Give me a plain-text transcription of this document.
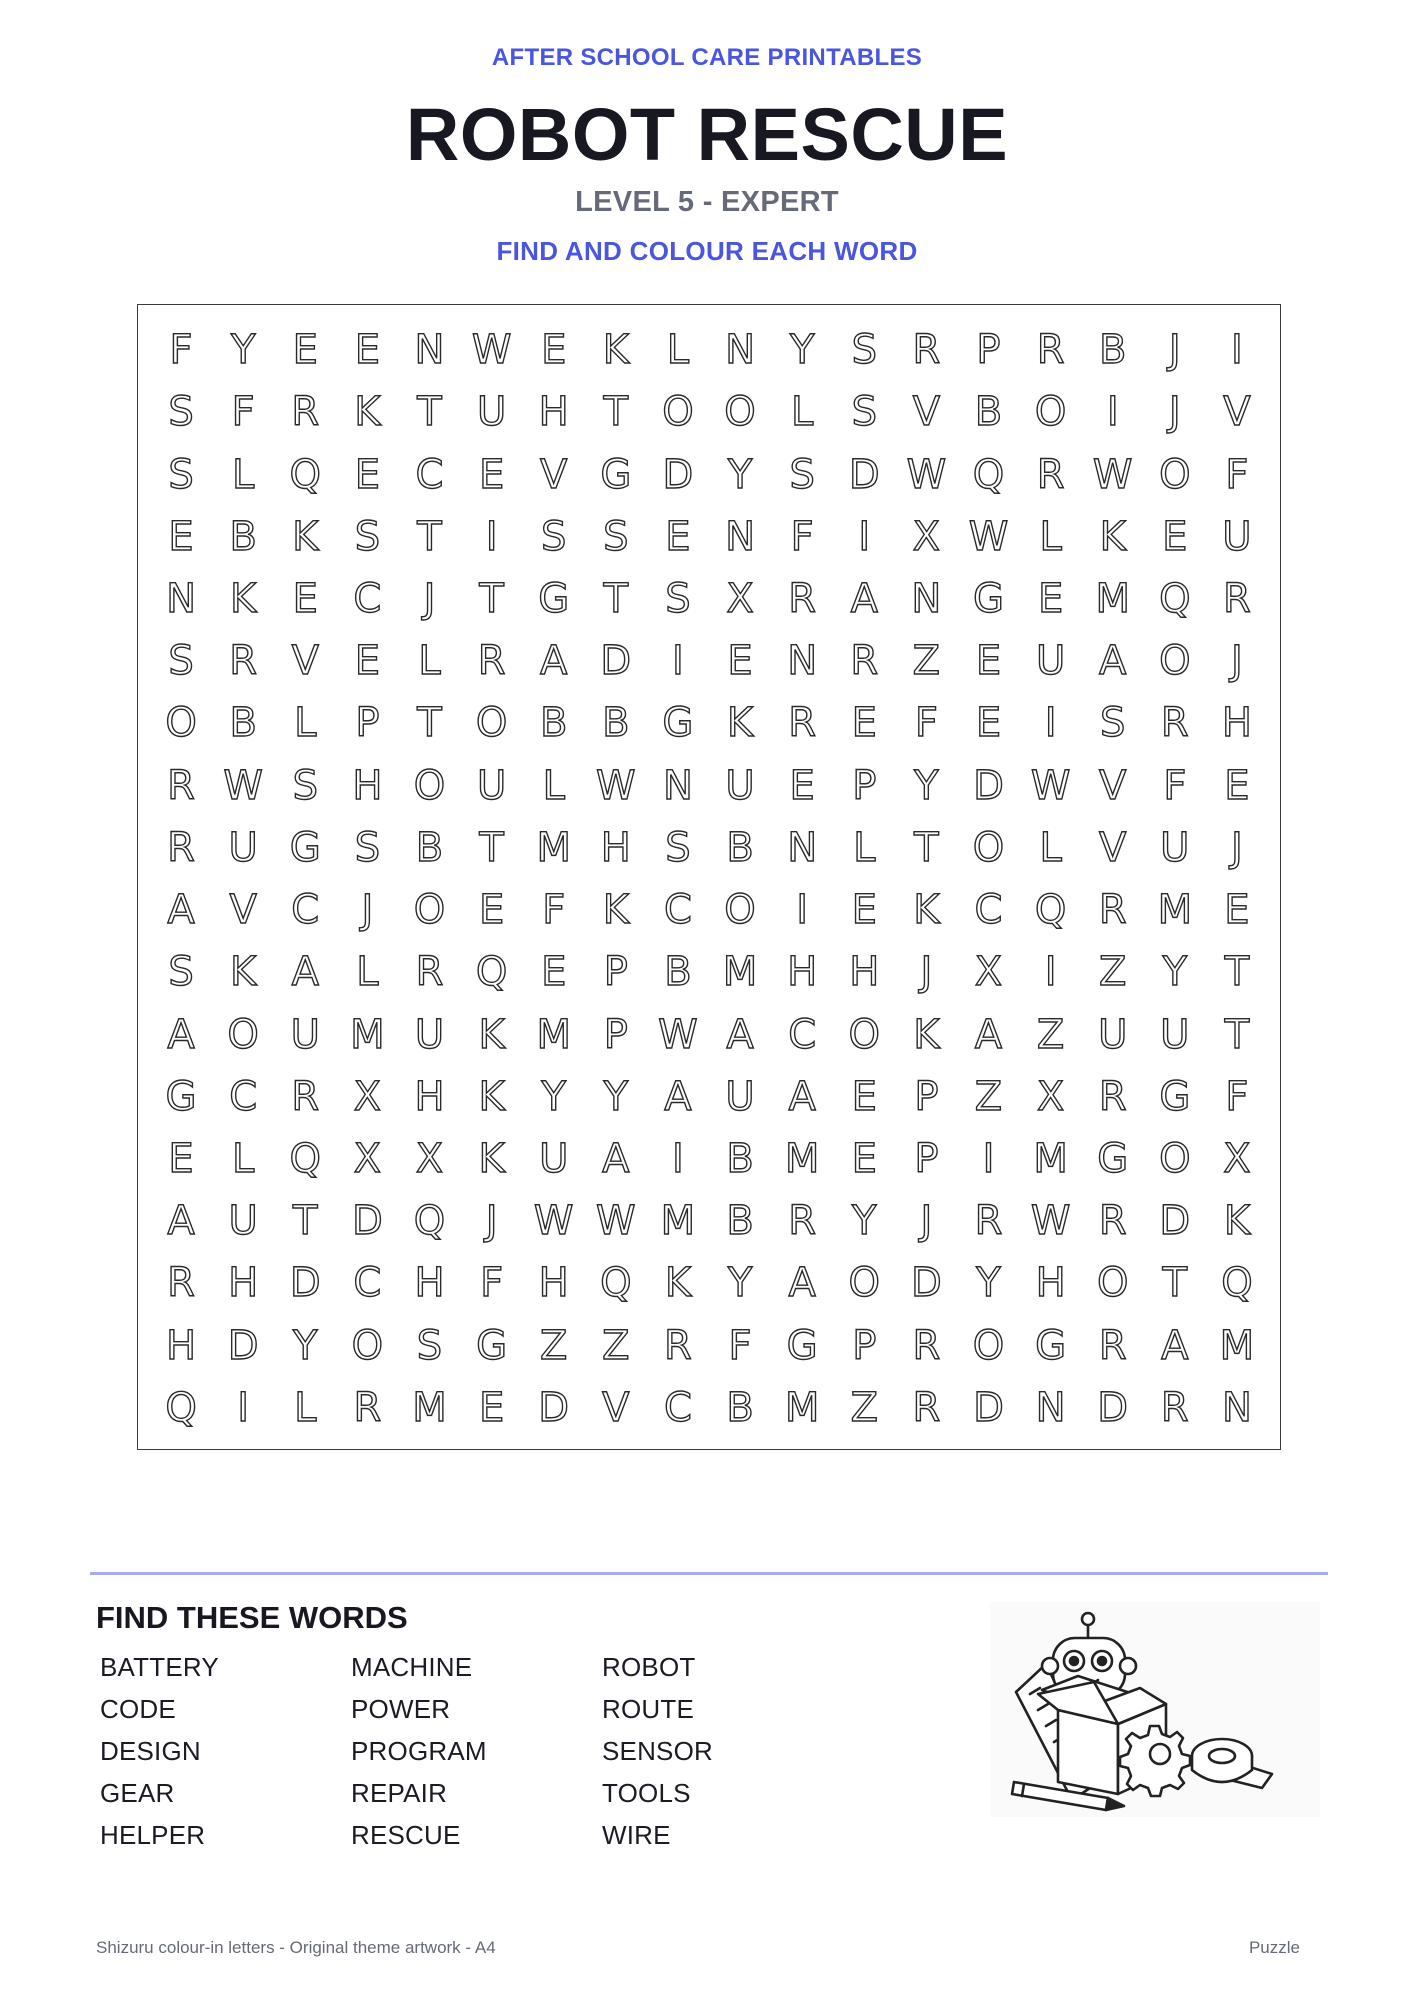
AFTER SCHOOL CARE PRINTABLES
ROBOT RESCUE
LEVEL 5 - EXPERT
FIND AND COLOUR EACH WORD
F Y E E N W E K L N Y S R P R B	J	I
S F R K T U H T O O L S V B O	I	J	V
S L Q E C E V G D Y S D W Q R W O F
E B K S T	I	S S E N F	I	X W L K E U
N K E C	J	T G T S X R A N G E M Q R
S R V E L R A D	I	E N R Z E U A O	J
O B L P T O B B G K R E F E	I	S R H
R W S H O U L W N U E P Y D W V F E
R U G S B T M H S B N L T O L V U	J
A V C	J	O E F K C O	I	E K C Q R M E
S K A L R Q E P B M H H	J	X	I	Z Y T
A O U M U K M P W A C O K A Z U U T
G C R X H K Y Y A U A E P Z X R G F
E L Q X X K U A	I	B M E P	I M G O X
A U T D Q	J W W M B R Y	J	R W R D K
R H D C H F H Q K Y A O D Y H O T Q
H D Y O S G Z Z R F G P R O G R A M
Q	I	L R M E D V C B M Z R D N D R N
FIND THESE WORDS
BATTERY
CODE
DESIGN
GEAR
HELPER
MACHINE
POWER
PROGRAM
REPAIR
RESCUE
ROBOT
ROUTE
SENSOR
TOOLS
WIRE
Shizuru colour-in letters - Original theme artwork - A4	Puzzle
